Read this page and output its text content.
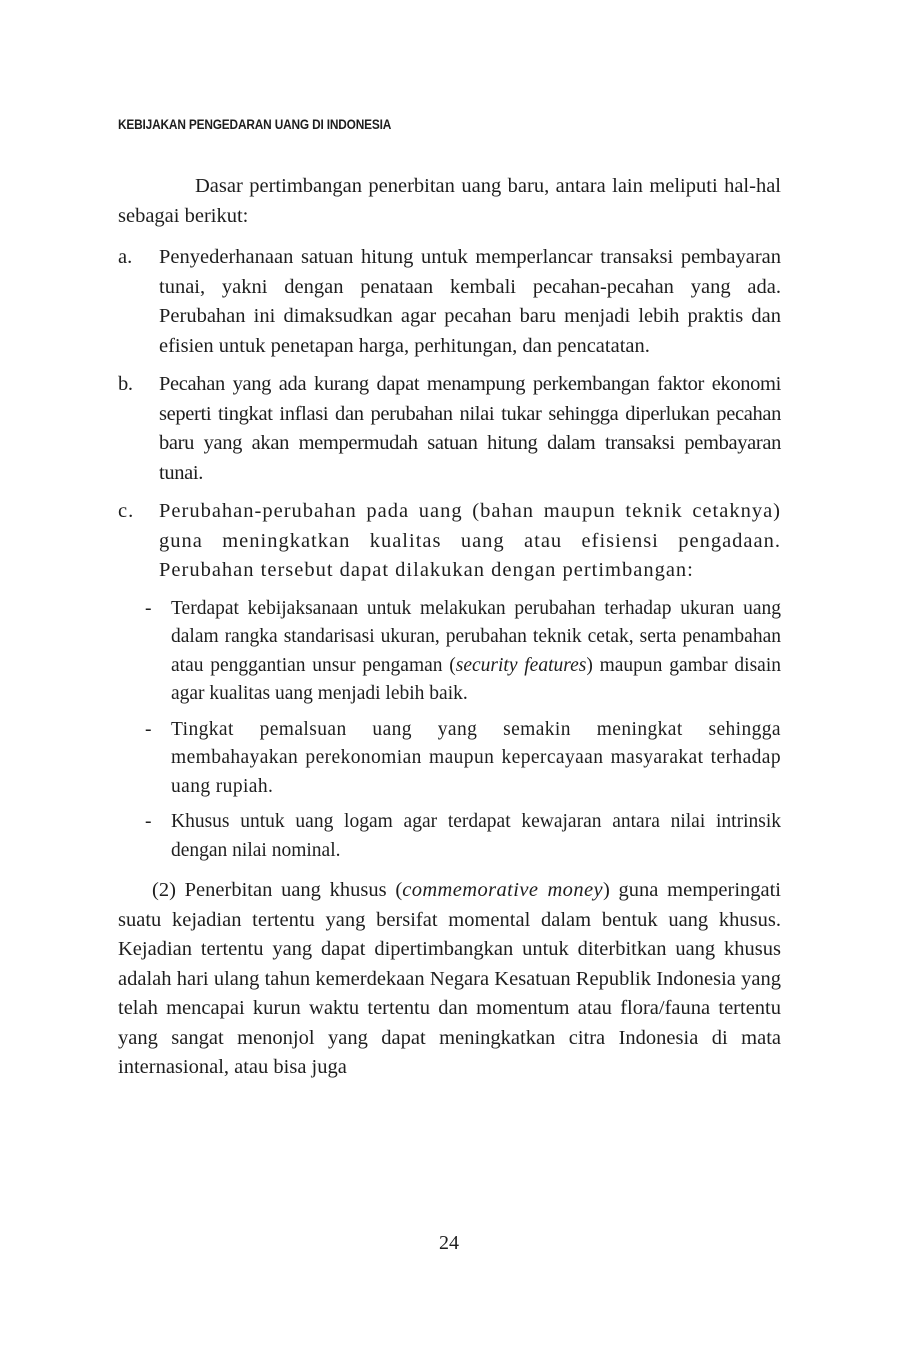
KEBIJAKAN PENGEDARAN UANG DI INDONESIA

Dasar pertimbangan penerbitan uang baru, antara lain meliputi hal-hal sebagai berikut:

a. Penyederhanaan satuan hitung untuk memperlancar transaksi pembayaran tunai, yakni dengan penataan kembali pecahan-pecahan yang ada. Perubahan ini dimaksudkan agar pecahan baru menjadi lebih praktis dan efisien untuk penetapan harga, perhitungan, dan pencatatan.

b. Pecahan yang ada kurang dapat menampung perkembangan faktor ekonomi seperti tingkat inflasi dan perubahan nilai tukar sehingga diperlukan pecahan baru yang akan mempermudah satuan hitung dalam transaksi pembayaran tunai.

c. Perubahan-perubahan pada uang (bahan maupun teknik cetaknya) guna meningkatkan kualitas uang atau efisiensi pengadaan. Perubahan tersebut dapat dilakukan dengan pertimbangan:

- Terdapat kebijaksanaan untuk melakukan perubahan terhadap ukuran uang dalam rangka standarisasi ukuran, perubahan teknik cetak, serta penambahan atau penggantian unsur pengaman (security features) maupun gambar disain agar kualitas uang menjadi lebih baik.

- Tingkat pemalsuan uang yang semakin meningkat sehingga membahayakan perekonomian maupun kepercayaan masyarakat terhadap uang rupiah.

- Khusus untuk uang logam agar terdapat kewajaran antara nilai intrinsik dengan nilai nominal.

(2) Penerbitan uang khusus (commemorative money) guna memperingati suatu kejadian tertentu yang bersifat momental dalam bentuk uang khusus. Kejadian tertentu yang dapat dipertimbangkan untuk diterbitkan uang khusus adalah hari ulang tahun kemerdekaan Negara Kesatuan Republik Indonesia yang telah mencapai kurun waktu tertentu dan momentum atau flora/fauna tertentu yang sangat menonjol yang dapat meningkatkan citra Indonesia di mata internasional, atau bisa juga

24
